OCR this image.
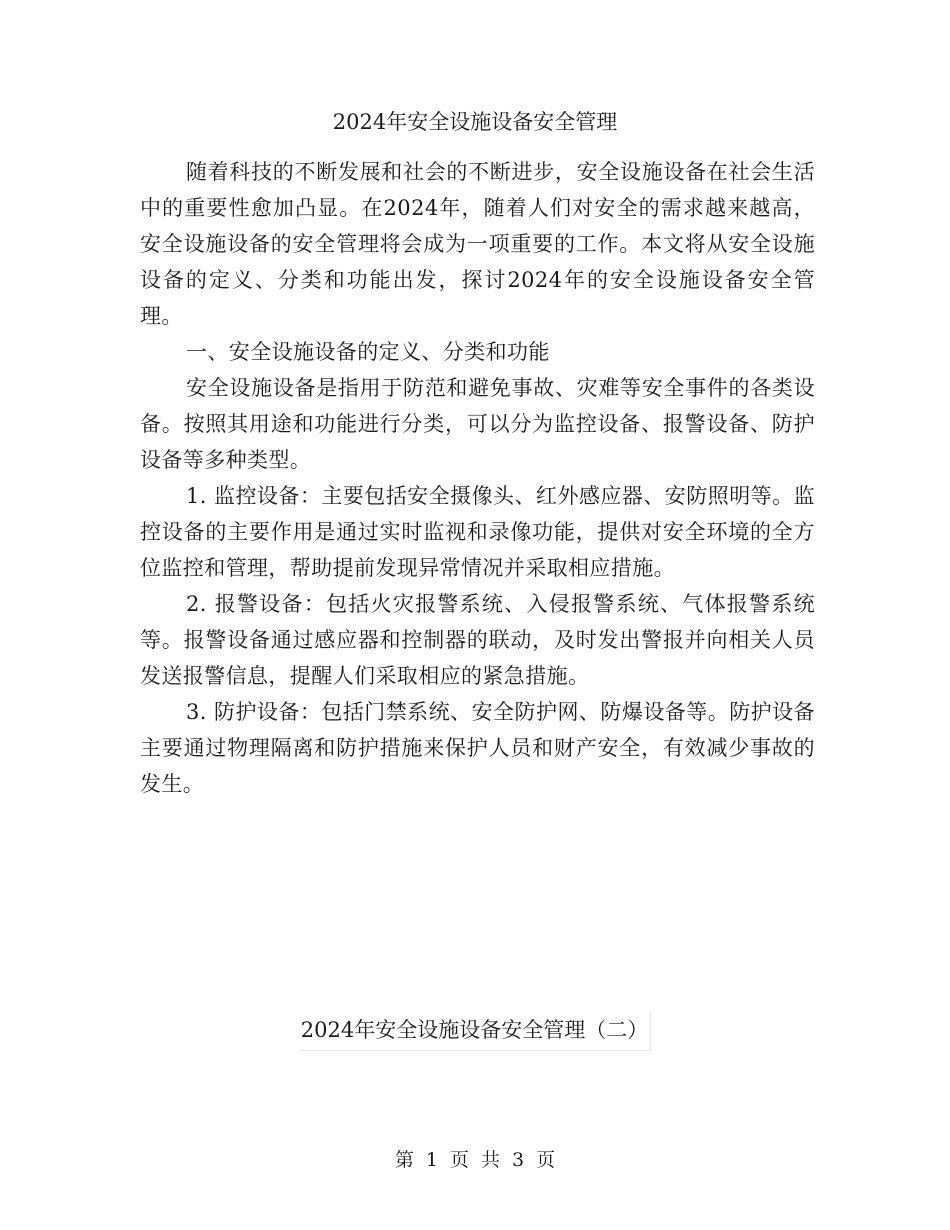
2024年安全设施设备安全管理

随着科技的不断发展和社会的不断进步，安全设施设备在社会生活中的重要性愈加凸显。在2024年，随着人们对安全的需求越来越高，安全设施设备的安全管理将会成为一项重要的工作。本文将从安全设施设备的定义、分类和功能出发，探讨2024年的安全设施设备安全管理。

一、安全设施设备的定义、分类和功能

安全设施设备是指用于防范和避免事故、灾难等安全事件的各类设备。按照其用途和功能进行分类，可以分为监控设备、报警设备、防护设备等多种类型。

1. 监控设备：主要包括安全摄像头、红外感应器、安防照明等。监控设备的主要作用是通过实时监视和录像功能，提供对安全环境的全方位监控和管理，帮助提前发现异常情况并采取相应措施。

2. 报警设备：包括火灾报警系统、入侵报警系统、气体报警系统等。报警设备通过感应器和控制器的联动，及时发出警报并向相关人员发送报警信息，提醒人们采取相应的紧急措施。

3. 防护设备：包括门禁系统、安全防护网、防爆设备等。防护设备主要通过物理隔离和防护措施来保护人员和财产安全，有效减少事故的发生。

2024年安全设施设备安全管理（二）
第 1 页 共 3 页
